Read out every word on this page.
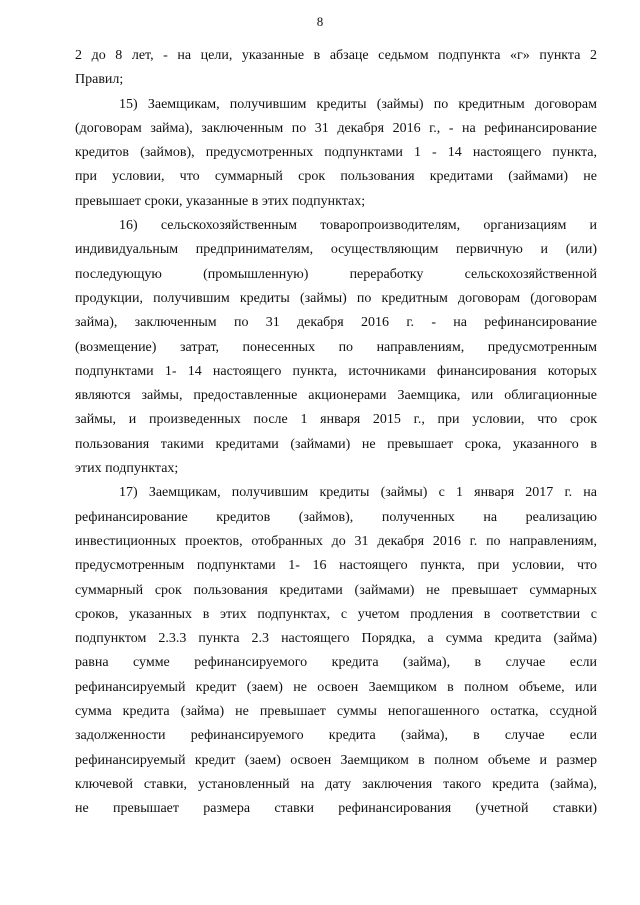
8
2 до 8 лет, - на цели, указанные в абзаце седьмом подпункта «г» пункта 2
Правил;
15) Заемщикам, получившим кредиты (займы) по кредитным договорам
(договорам займа), заключенным по 31 декабря 2016 г., - на рефинансирование
кредитов (займов), предусмотренных подпунктами 1 - 14 настоящего пункта,
при условии, что суммарный срок пользования кредитами (займами) не
превышает сроки, указанные в этих подпунктах;
16) сельскохозяйственным товаропроизводителям, организациям и
индивидуальным предпринимателям, осуществляющим первичную и (или)
последующую (промышленную) переработку сельскохозяйственной
продукции, получившим кредиты (займы) по кредитным договорам (договорам
займа), заключенным по 31 декабря 2016 г. - на рефинансирование
(возмещение) затрат, понесенных по направлениям, предусмотренным
подпунктами 1- 14 настоящего пункта, источниками финансирования которых
являются займы, предоставленные акционерами Заемщика, или облигационные
займы, и произведенных после 1 января 2015 г., при условии, что срок
пользования такими кредитами (займами) не превышает срока, указанного в
этих подпунктах;
17) Заемщикам, получившим кредиты (займы) с 1 января 2017 г. на
рефинансирование кредитов (займов), полученных на реализацию
инвестиционных проектов, отобранных до 31 декабря 2016 г. по направлениям,
предусмотренным подпунктами 1- 16 настоящего пункта, при условии, что
суммарный срок пользования кредитами (займами) не превышает суммарных
сроков, указанных в этих подпунктах, с учетом продления в соответствии с
подпунктом 2.3.3 пункта 2.3 настоящего Порядка, а сумма кредита (займа)
равна сумме рефинансируемого кредита (займа), в случае если
рефинансируемый кредит (заем) не освоен Заемщиком в полном объеме, или
сумма кредита (займа) не превышает суммы непогашенного остатка, ссудной
задолженности рефинансируемого кредита (займа), в случае если
рефинансируемый кредит (заем) освоен Заемщиком в полном объеме и размер
ключевой ставки, установленный на дату заключения такого кредита (займа),
не превышает размера ставки рефинансирования (учетной ставки)
